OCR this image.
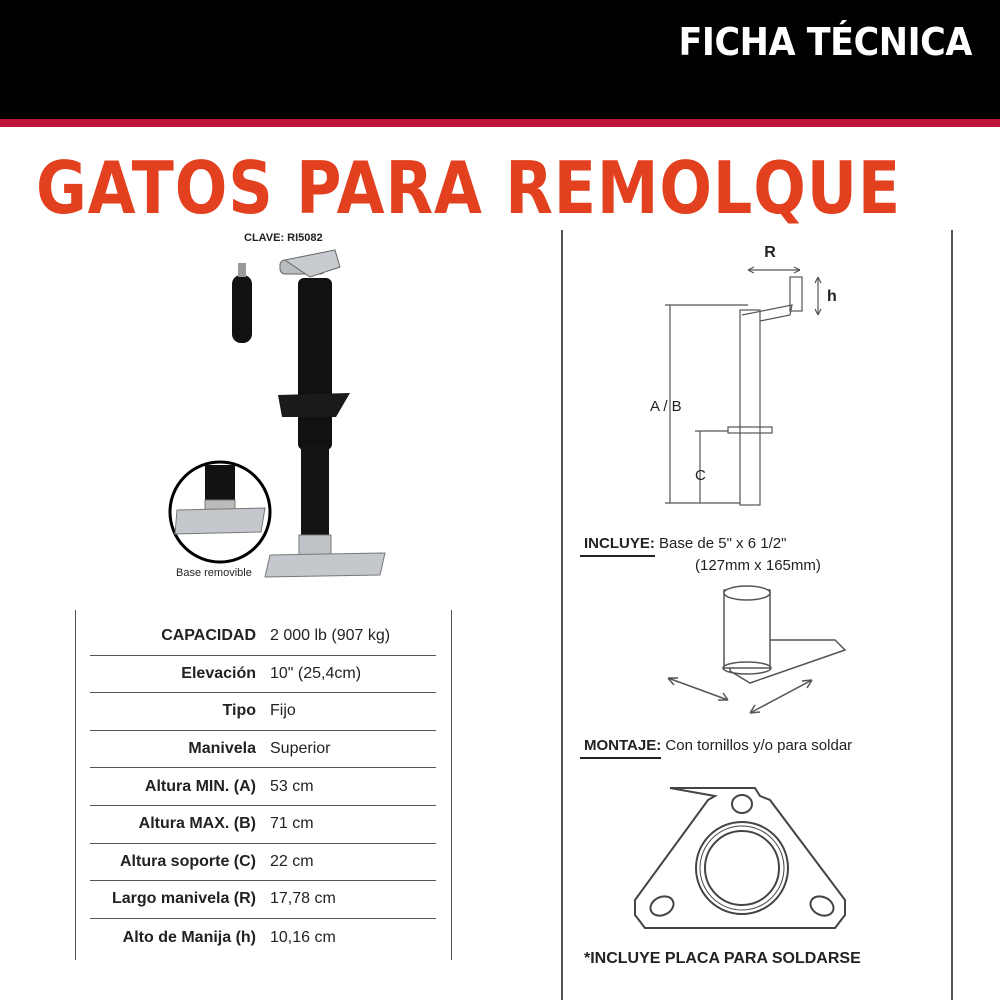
FICHA TÉCNICA
GATOS PARA REMOLQUE
CLAVE: RI5082
Base removible
CAPACIDAD 2 000 lb (907 kg)
Elevación 10" (25,4cm)
Tipo Fijo
Manivela Superior
Altura MIN. (A) 53 cm
Altura MAX. (B) 71 cm
Altura soporte (C) 22 cm
Largo manivela (R) 17,78 cm
Alto de Manija (h) 10,16 cm
R
h
A / B
C
INCLUYE: Base de 5" x 6 1/2"
(127mm x 165mm)
MONTAJE: Con tornillos y/o para soldar
*INCLUYE PLACA PARA SOLDARSE
